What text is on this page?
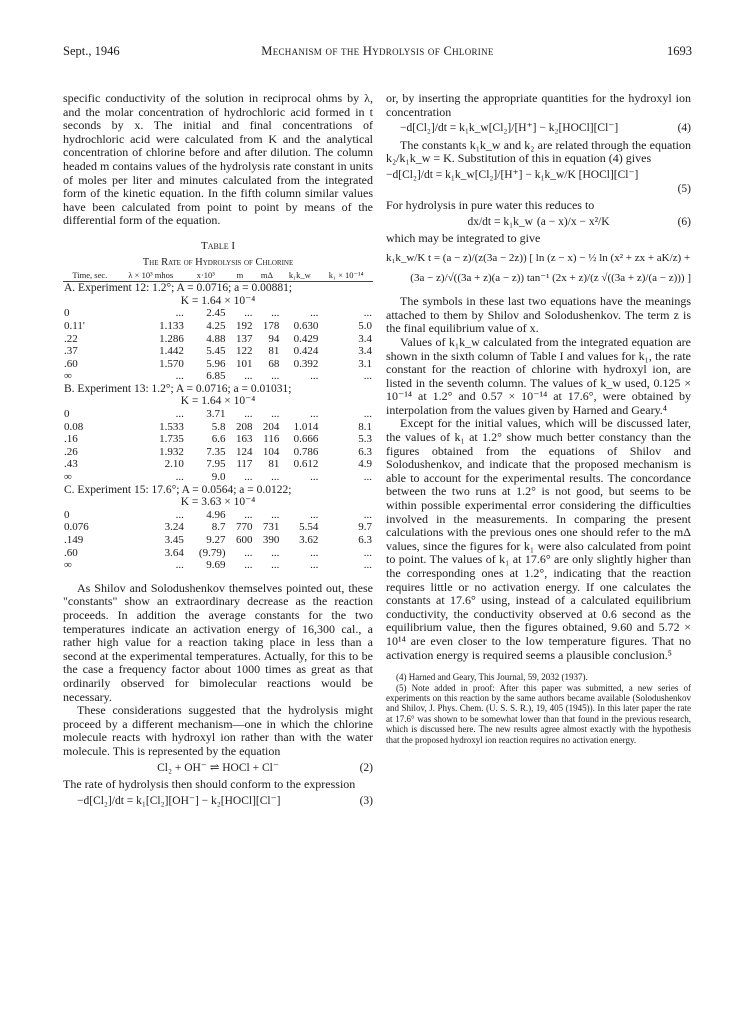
Sept., 1946	Mechanism of the Hydrolysis of Chlorine	1693

specific conductivity of the solution in reciprocal ohms by λ, and the molar concentration of hydrochloric acid formed in t seconds by x. The initial and final concentrations of hydrochloric acid were calculated from K and the analytical concentration of chlorine before and after dilution. The column headed m contains values of the hydrolysis rate constant in units of moles per liter and minutes calculated from the integrated form of the kinetic equation. In the fifth column similar values have been calculated from point to point by means of the differential form of the equation.

Table I
The Rate of Hydrolysis of Chlorine
Time, sec.	λ × 10³ mhos	x·10³	m	mΔ	k₁k_w	k₁ × 10⁻¹⁴
A. Experiment 12: 1.2°; A = 0.0716; a = 0.00881;						
K = 1.64 × 10⁻⁴						
0	...	2.45	...	...	...	...
0.11'	1.133	4.25	192	178	0.630	5.0
.22	1.286	4.88	137	94	0.429	3.4
.37	1.442	5.45	122	81	0.424	3.4
.60	1.570	5.96	101	68	0.392	3.1
∞	...	6.85	...	...	...	...
B. Experiment 13: 1.2°; A = 0.0716; a = 0.01031;						
K = 1.64 × 10⁻⁴						
0	...	3.71	...	...	...	...
0.08	1.533	5.8	208	204	1.014	8.1
.16	1.735	6.6	163	116	0.666	5.3
.26	1.932	7.35	124	104	0.786	6.3
.43	2.10	7.95	117	81	0.612	4.9
∞	...	9.0	...	...	...	...
C. Experiment 15: 17.6°; A = 0.0564; a = 0.0122;						
K = 3.63 × 10⁻⁴						
0	...	4.96	...	...	...	...
0.076	3.24	8.7	770	731	5.54	9.7
.149	3.45	9.27	600	390	3.62	6.3
.60	3.64	(9.79)	...	...	...	...
∞	...	9.69	...	...	...	...

As Shilov and Solodushenkov themselves pointed out, these "constants" show an extraordinary decrease as the reaction proceeds. In addition the average constants for the two temperatures indicate an activation energy of 16,300 cal., a rather high value for a reaction taking place in less than a second at the experimental temperatures. Actually, for this to be the case a frequency factor about 1000 times as great as that ordinarily observed for bimolecular reactions would be necessary.

These considerations suggested that the hydrolysis might proceed by a different mechanism—one in which the chlorine molecule reacts with hydroxyl ion rather than with the water molecule. This is represented by the equation

Cl₂ + OH⁻ ⇌ HOCl + Cl⁻	(2)

The rate of hydrolysis then should conform to the expression

−d[Cl₂]/dt = k₁[Cl₂][OH⁻] − k₂[HOCl][Cl⁻]	(3)

or, by inserting the appropriate quantities for the hydroxyl ion concentration

−d[Cl₂]/dt = k₁k_w[Cl₂]/[H⁺] − k₂[HOCl][Cl⁻]	(4)

The constants k₁k_w and k₂ are related through the equation k₂/k₁k_w = K. Substitution of this in equation (4) gives

−d[Cl₂]/dt = k₁k_w[Cl₂]/[H⁺] − k₁k_w/K [HOCl][Cl⁻]
(5)

For hydrolysis in pure water this reduces to

dx/dt = k₁k_w (a − x)/x − x²/K	(6)

which may be integrated to give

k₁k_w/K t = (a − z)/(z(3a − 2z)) [ ln (z − x) − ½ ln (x² + zx + aK/z) +
(3a − z)/√((3a + z)(a − z)) tan⁻¹ (2x + z)/(z √((3a + z)/(a − z))) ]

The symbols in these last two equations have the meanings attached to them by Shilov and Solodushenkov. The term z is the final equilibrium value of x.

Values of k₁k_w calculated from the integrated equation are shown in the sixth column of Table I and values for k₁, the rate constant for the reaction of chlorine with hydroxyl ion, are listed in the seventh column. The values of k_w used, 0.125 × 10⁻¹⁴ at 1.2° and 0.57 × 10⁻¹⁴ at 17.6°, were obtained by interpolation from the values given by Harned and Geary.⁴

Except for the initial values, which will be discussed later, the values of k₁ at 1.2° show much better constancy than the figures obtained from the equations of Shilov and Solodushenkov, and indicate that the proposed mechanism is able to account for the experimental results. The concordance between the two runs at 1.2° is not good, but seems to be within possible experimental error considering the difficulties involved in the measurements. In comparing the present calculations with the previous ones one should refer to the mΔ values, since the figures for k₁ were also calculated from point to point. The values of k₁ at 17.6° are only slightly higher than the corresponding ones at 1.2°, indicating that the reaction requires little or no activation energy. If one calculates the constants at 17.6° using, instead of a calculated equilibrium conductivity, the conductivity observed at 0.6 second as the equilibrium value, then the figures obtained, 9.60 and 5.72 × 10¹⁴ are even closer to the low temperature figures. That no activation energy is required seems a plausible conclusion.⁵

(4) Harned and Geary, This Journal, 59, 2032 (1937).

(5) Note added in proof: After this paper was submitted, a new series of experiments on this reaction by the same authors became available (Solodushenkov and Shilov, J. Phys. Chem. (U. S. S. R.), 19, 405 (1945)). In this later paper the rate at 17.6° was shown to be somewhat lower than that found in the previous research, which is discussed here. The new results agree almost exactly with the hypothesis that the proposed hydroxyl ion reaction requires no activation energy.
